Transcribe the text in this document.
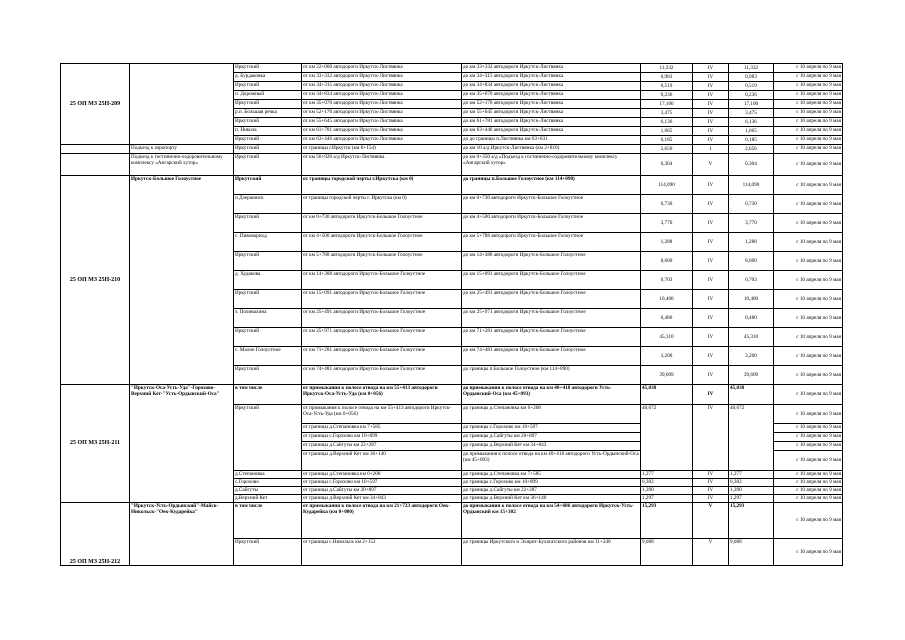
25 ОП МЗ 25Н-209		Иркутский	от км 22+000 автодороги Иркутск-Листвянка	до км 33+332 автодороги Иркутск-Листвянка	11,332	IV	11,332	с 10 апреля по 9 мая
		д. Бурдаковка	от км 33+332 автодороги Иркутск-Листвянка	до км 34+315 автодороги Иркутск-Листвянка	0,983	IV	0,983	с 10 апреля по 9 мая
		Иркутский	от км 34+315 автодороги Иркутск-Листвянка	до км 34+834 автодороги Иркутск-Листвянка	0,519	IV	0,519	с 10 апреля по 9 мая
		п. Дорожный	от км 34+834 автодороги Иркутск-Листвянка	до км 35+070 автодороги Иркутск-Листвянка	0,236	IV	0,236	с 10 апреля по 9 мая
		Иркутский	от км 35+070 автодороги Иркутск-Листвянка	до км 52+170 автодороги Иркутск-Листвянка	17,100	IV	17,100	с 10 апреля по 9 мая
		р.п. Большая речка	от км 52+170 автодороги Иркутск-Листвянка	до км 55+645 автодороги Иркутск-Листвянка	3,475	IV	3,475	с 10 апреля по 9 мая
		Иркутский	от км 55+645 автодороги Иркутск-Листвянка	до км 61+781 автодороги Иркутск-Листвянка	6,136	IV	6,136	с 10 апреля по 9 мая
		п. Никола	от км 61+781 автодороги Иркутск-Листвянка	до км 63+446 автодороги Иркутск-Листвянка	1,665	IV	1,665	с 10 апреля по 9 мая
		Иркутский	от км 63+446 автодороги Иркутск-Листвянка	до до границы п.Листвянка км 63+631	0,185	IV	0,185	с 10 апреля по 9 мая
	Подъезд к аэропорту	Иркутский	от границы г.Иркутск (км 0+154)	до км 10 а/д Иркутск-Листвянка (км 2+810)	2,656	I	2,656	с 10 апреля по 9 мая
	Подъезд к гостинично-оздоровительному комплексу «Ангарский хутор»	Иркутский	от км 56+920 а/д Иркутск-Листвянка	до км 0+350 а/д «Подъезд к гостинично-оздоровительному комплексу «Ангарский хутор»	0,304	V	0,304	с 10 апреля по 9 мая
25 ОП МЗ 25Н-210	Иркутск-Большое Голоустное	Иркутский	от границы городской черты г.Иркутска (км 0)	до границы п.Большое Голоустное (км 114+090)	114,090	IV	114,090	с 10 апреля по 9 мая
		п.Дзержинск	от границы городской черты г. Иркутска (км 0)	до км 0+730 автодороги Иркутск-Большое Голоустное	0,730	IV	0,730	с 10 апреля по 9 мая
		Иркутский	от км 0+730 автодороги Иркутск-Большое Голоустное	до км 4+500 автодороги Иркутск-Большое Голоустное	3,770	IV	3,770	с 10 апреля по 9 мая
		с. Пивоварихд	от км 4+500 автодороги Иркутск-Большое Голоустное	до км 5+788 автодороги Иркутск-Большое Голоустное	1,288	IV	1,288	с 10 апреля по 9 мая
		Иркутский	от км 5+788 автодороги Иркутск-Большое Голоустное	до км 14+388 автодороги Иркутск-Большое Голоустное	8,600	IV	8,600	с 10 апреля по 9 мая
		д. Худякова	от км 14+388 автодороги Иркутск-Большое Голоустное	до км 15+091 автодороги Иркутск-Большое Голоустное	0,703	IV	0,703	с 10 апреля по 9 мая
		Иркутский	от км 15+091 автодороги Иркутск-Большое Голоустное	до км 25+491 автодороги Иркутск-Большое Голоустное	10,400	IV	10,400	с 10 апреля по 9 мая
		з. Поливахина	от км 25+491 автодороги Иркутск-Большое Голоустное	до км 25+971 автодороги Иркутск-Большое Голоустное	0,480	IV	0,480	с 10 апреля по 9 мая
		Иркутский	от км 25+971 автодороги Иркутск-Большое Голоустное	до км 71+281 автодороги Иркутск-Большое Голоустное	45,310	IV	45,310	с 10 апреля по 9 мая
		с. Малое Голоустное	от км 71+281 автодороги Иркутск-Большое Голоустное	до км 74+481 автодороги Иркутск-Большое Голоустное	3,200	IV	3,200	с 10 апреля по 9 мая
		Иркутский	от км 74+481 автодороги Иркутск-Большое Голоустное	до границы п.Большое Голоустное (км 114+090)	39,609	IV	39,609	с 10 апреля по 9 мая
25 ОП МЗ 25Н-211	"Иркутск-Оса-Усть-Уда"-Горохово-Верхний Кет-"Усть-Ордынский-Оса"	в том числе	от примыкания к полосе отвода на км 55+413 автодороги Иркутск-Оса-Усть-Уда (км 0+056)	до примыкания к полосе отвода на км 40+418 автодороги Усть-Ордынский-Оса (км 45+093)	45,038	IV	45,038	с 10 апреля по 9 мая
		Иркутский	от примыкания к полосе отвода на км 55+413 автодороги Иркутск-Оса-Усть-Уда (км 0+056)	до границы д.Степановка км 6+208	40,672	IV	40,672	с 10 апреля по 9 мая
			от границы д.Степановка км 7+585	до границы с.Горохово км 10+597				с 10 апреля по 9 мая
			от границы с.Горохово км 10+899	до границы д.Сайгуты км 20+897				с 10 апреля по 9 мая
			от границы д.Сайгуты км 22+287	до границы д.Верхний Кет км 34+843				с 10 апреля по 9 мая
			от границы д.Верхний Кет км 36+140	до примыкания к полосе отвода на км 40+418 автодороги Усть-Ордынский-Оса (км 45+093)				с 10 апреля по 9 мая

		д.Степановка	от границы д.Степановка км 6+208	до границы д.Степановка км 7+585	1,377	IV	1,377	с 10 апреля по 9 мая
		с.Горохово	от границы с.Горохово км 10+597	до границы с.Горохово км 10+899	0,302	IV	0,302	с 10 апреля по 9 мая
		д.Сайгуты	от границы д.Сайгуты км 20+897	до границы д.Сайгуты км 22+287	1,390	IV	1,390	с 10 апреля по 9 мая
		д.Верхний Кет	от границы д.Верхний Кет км 34+843	до границы д.Верхний Кет км 36+140	1,297	IV	1,297	с 10 апреля по 9 мая
25 ОП МЗ 25Н-212	"Иркутск-Усть-Ордынский"-Майск-Никольск-"Оек-Кударейка"	в том числе	от примыкания к полосе отвода на км 21+723 автодороги Оек-Кударейка (км 0+000)	до примыкания к полосе отвода на км 54+686 автодороги Иркутск-Усть-Ордынский км 15+302	15,293	V	15,293	с 10 апреля по 9 мая
		Иркутский	от границы с.Никольск км 2+152	до границы Иркутского и Эхирит-Булагатского районов км 11+240	9,088	V	9,088	с 10 апреля по 9 мая
